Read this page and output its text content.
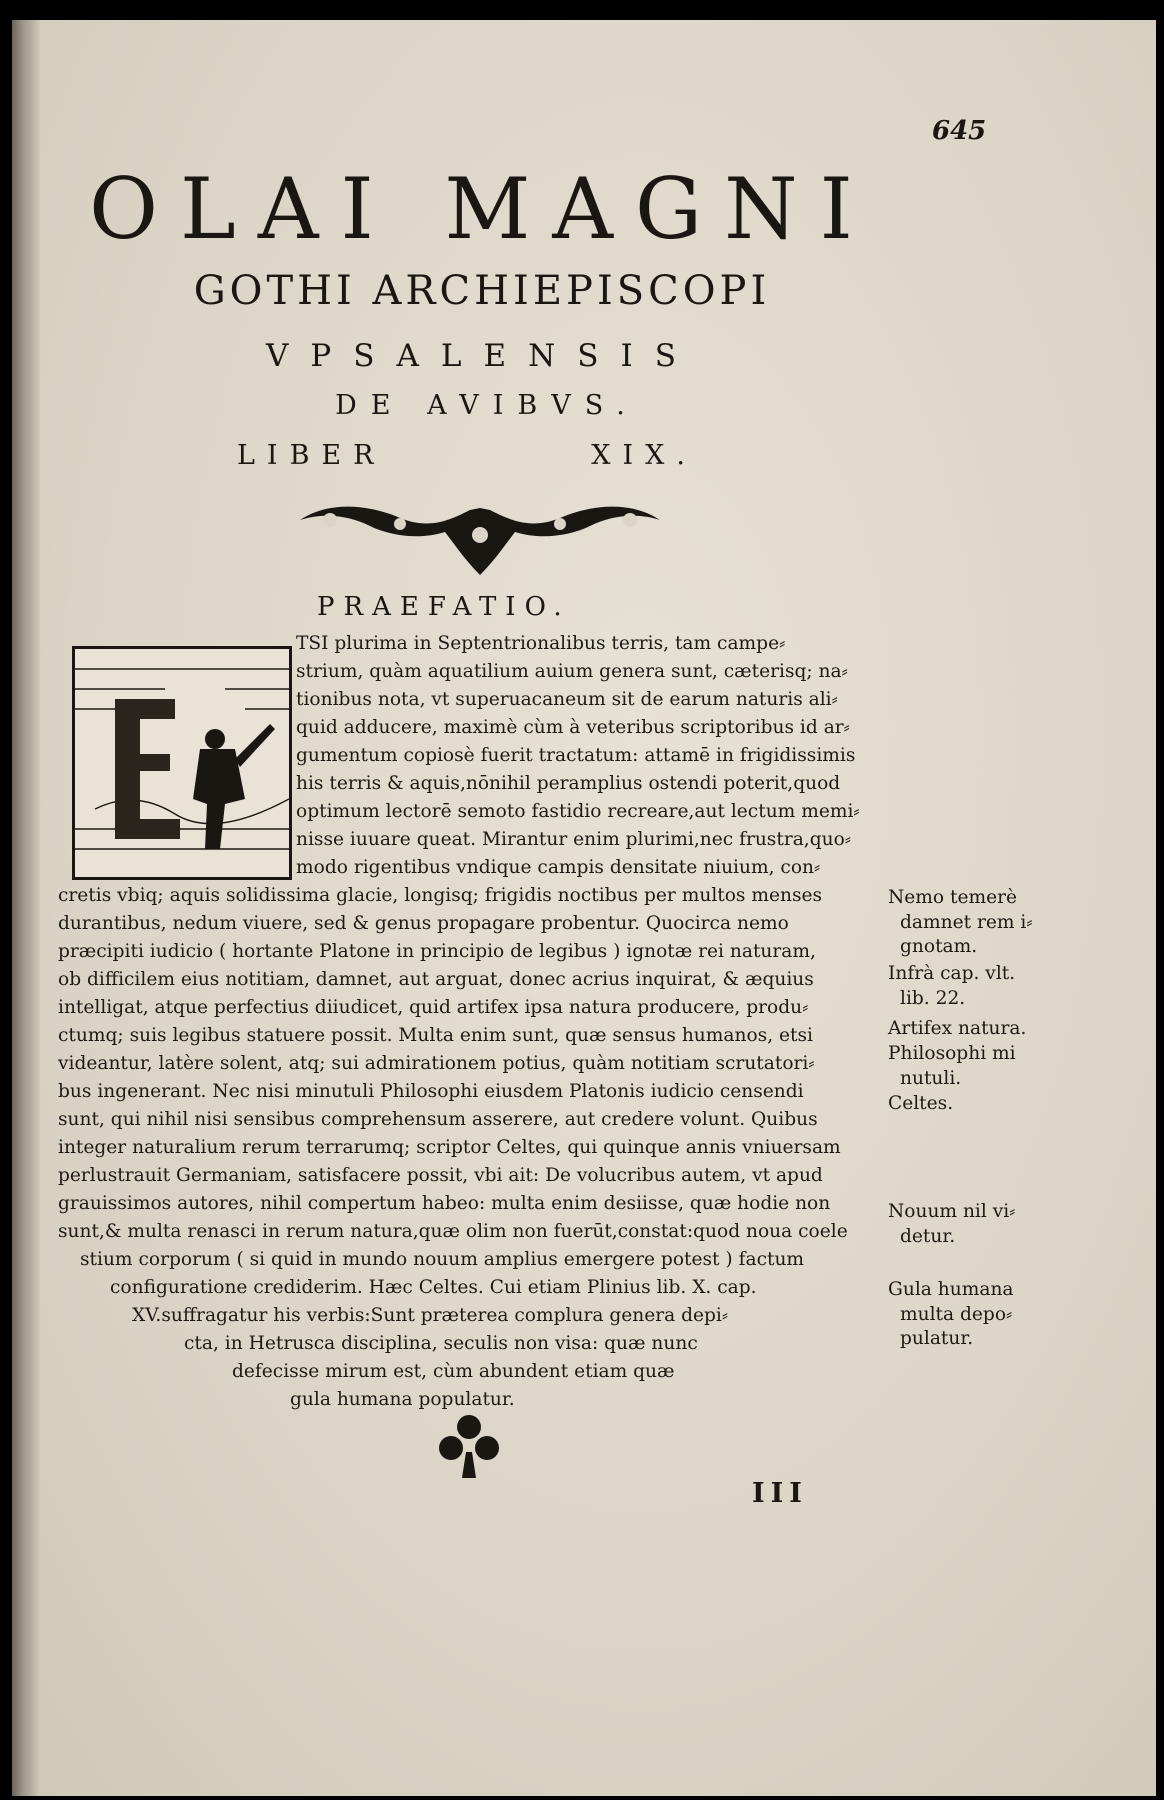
645
OLAI MAGNI
GOTHI ARCHIEPISCOPI
VPSALENSIS
DE AVIBVS.
LIBER	XIX.
PRAEFATIO.
TSI plurima in Septentrionalibus terris, tam campe⸗
strium, quàm aquatilium auium genera sunt, cæterisq; na⸗
tionibus nota, vt superuacaneum sit de earum naturis ali⸗
quid adducere, maximè cùm à veteribus scriptoribus id ar⸗
gumentum copiosè fuerit tractatum: attamē in frigidissimis
his terris & aquis,nōnihil peramplius ostendi poterit,quod
optimum lectorē semoto fastidio recreare,aut lectum memi⸗
nisse iuuare queat. Mirantur enim plurimi,nec frustra,quo⸗
modo rigentibus vndique campis densitate niuium, con⸗
cretis vbiq; aquis solidissima glacie, longisq; frigidis noctibus per multos menses
durantibus, nedum viuere, sed & genus propagare probentur. Quocirca nemo
præcipiti iudicio ( hortante Platone in principio de legibus ) ignotæ rei naturam,
ob difficilem eius notitiam, damnet, aut arguat, donec acrius inquirat, & æquius
intelligat, atque perfectius diiudicet, quid artifex ipsa natura producere, produ⸗
ctumq; suis legibus statuere possit. Multa enim sunt, quæ sensus humanos, etsi
videantur, latère solent, atq; sui admirationem potius, quàm notitiam scrutatori⸗
bus ingenerant. Nec nisi minutuli Philosophi eiusdem Platonis iudicio censendi
sunt, qui nihil nisi sensibus comprehensum asserere, aut credere volunt. Quibus
integer naturalium rerum terrarumq; scriptor Celtes, qui quinque annis vniuersam
perlustrauit Germaniam, satisfacere possit, vbi ait: De volucribus autem, vt apud
grauissimos autores, nihil compertum habeo: multa enim desiisse, quæ hodie non
sunt,& multa renasci in rerum natura,quæ olim non fuerūt,constat:quod noua coele
stium corporum ( si quid in mundo nouum amplius emergere potest ) factum
configuratione crediderim. Hæc Celtes. Cui etiam Plinius lib. X. cap.
XV.suffragatur his verbis:Sunt præterea complura genera depi⸗
cta, in Hetrusca disciplina, seculis non visa: quæ nunc
defecisse mirum est, cùm abundent etiam quæ
gula humana populatur.
Nemo temerè
damnet rem i⸗
gnotam.
Infrà cap. vlt.
lib. 22.
Artifex natura.
Philosophi mi
nutuli.
Celtes.
Nouum nil vi⸗
detur.
Gula humana
multa depo⸗
pulatur.
III
